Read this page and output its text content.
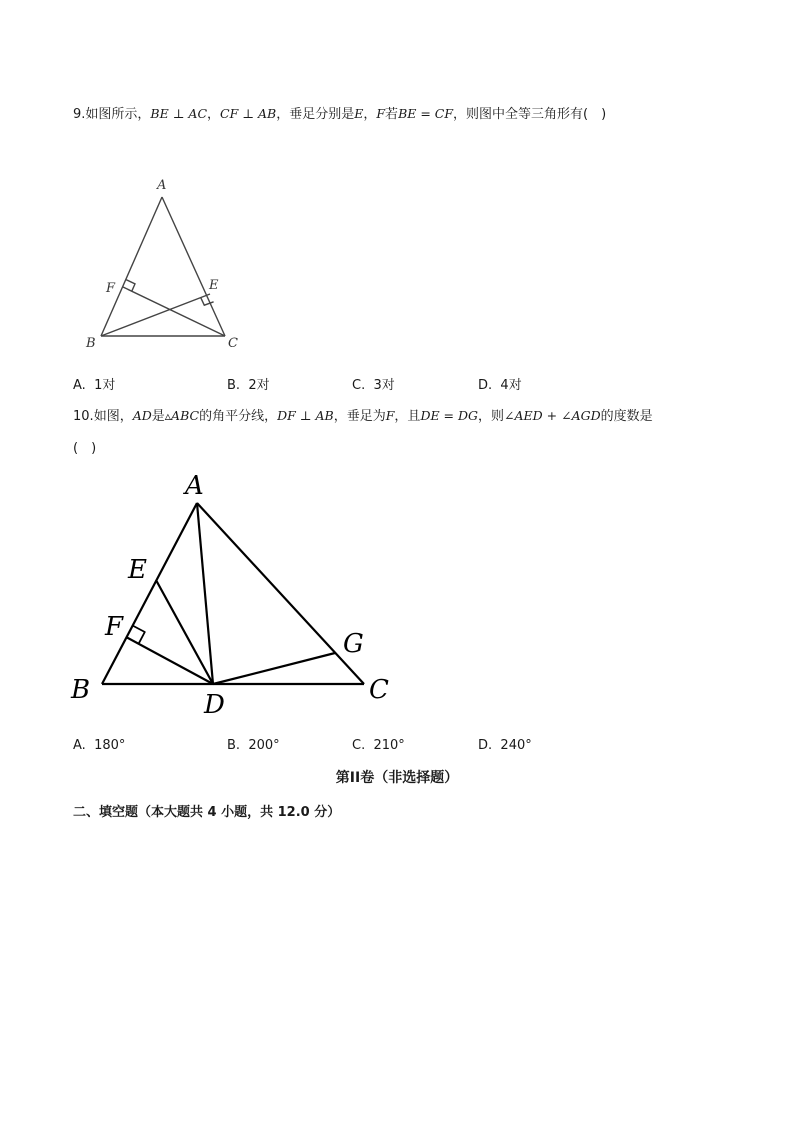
9.如图所示，BE ⊥ AC，CF ⊥ AB，垂足分别是E，F若BE = CF，则图中全等三角形有(　)
A
B	C
E
F
A. 1对	B. 2对	C. 3对	D. 4对
10.如图，AD是▵ABC的角平分线，DF ⊥ AB，垂足为F，且DE = DG，则∠AED + ∠AGD的度数是
(　)
A
B	C
D
E
F
G
A. 180°	B. 200°	C. 210°	D. 240°
第II卷（非选择题）
二、填空题（本大题共 4 小题，共 12.0 分）
